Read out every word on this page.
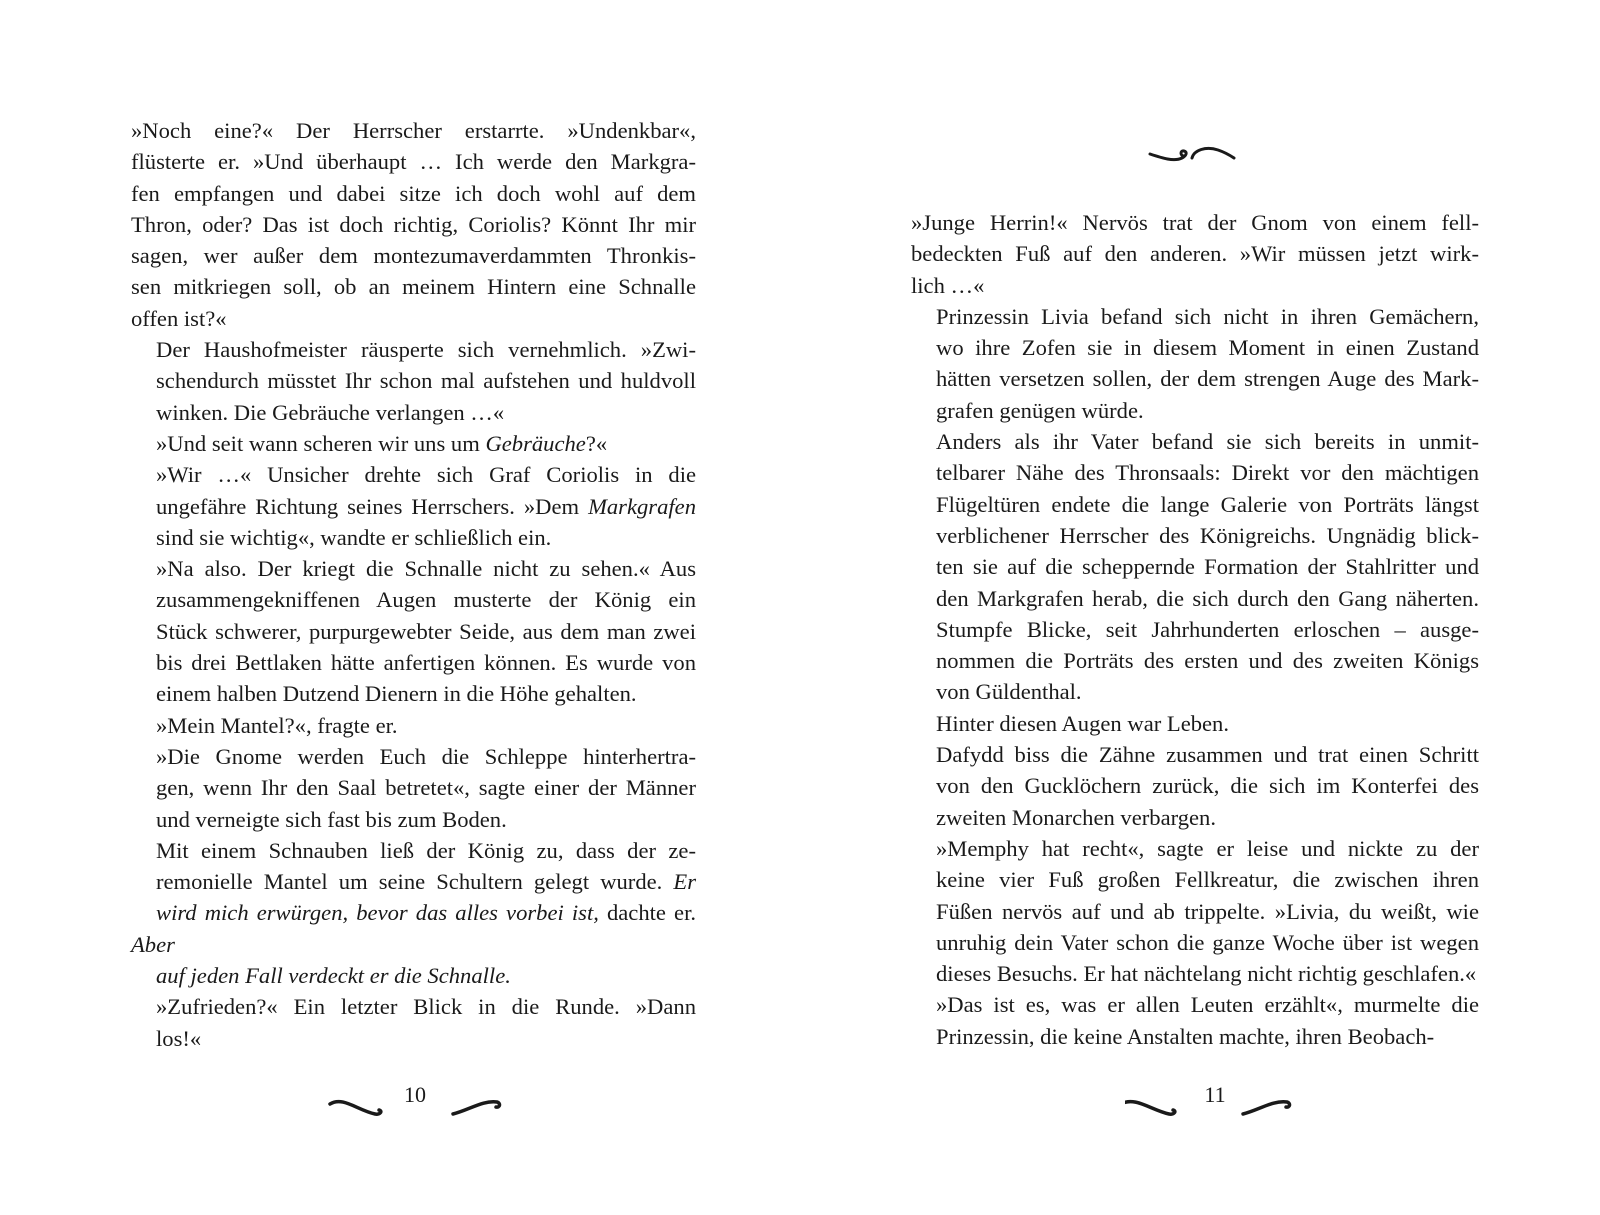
»Noch eine?« Der Herrscher erstarrte. »Undenkbar«,
flüsterte er. »Und überhaupt … Ich werde den Markgra-
fen empfangen und dabei sitze ich doch wohl auf dem
Thron, oder? Das ist doch richtig, Coriolis? Könnt Ihr mir
sagen, wer außer dem montezumaverdammten Thronkis-
sen mitkriegen soll, ob an meinem Hintern eine Schnalle
offen ist?«

Der Haushofmeister räusperte sich vernehmlich. »Zwi-
schendurch müsstet Ihr schon mal aufstehen und huldvoll
winken. Die Gebräuche verlangen …«

»Und seit wann scheren wir uns um Gebräuche?«

»Wir …« Unsicher drehte sich Graf Coriolis in die
ungefähre Richtung seines Herrschers. »Dem Markgrafen
sind sie wichtig«, wandte er schließlich ein.

»Na also. Der kriegt die Schnalle nicht zu sehen.« Aus
zusammengekniffenen Augen musterte der König ein
Stück schwerer, purpurgewebter Seide, aus dem man zwei
bis drei Bettlaken hätte anfertigen können. Es wurde von
einem halben Dutzend Dienern in die Höhe gehalten.

»Mein Mantel?«, fragte er.

»Die Gnome werden Euch die Schleppe hinterhertra-
gen, wenn Ihr den Saal betretet«, sagte einer der Männer
und verneigte sich fast bis zum Boden.

Mit einem Schnauben ließ der König zu, dass der ze-
remonielle Mantel um seine Schultern gelegt wurde. Er
wird mich erwürgen, bevor das alles vorbei ist, dachte er. Aber
auf jeden Fall verdeckt er die Schnalle.

»Zufrieden?« Ein letzter Blick in die Runde. »Dann
los!«

10

»Junge Herrin!« Nervös trat der Gnom von einem fell-
bedeckten Fuß auf den anderen. »Wir müssen jetzt wirk-
lich …«

Prinzessin Livia befand sich nicht in ihren Gemächern,
wo ihre Zofen sie in diesem Moment in einen Zustand
hätten versetzen sollen, der dem strengen Auge des Mark-
grafen genügen würde.

Anders als ihr Vater befand sie sich bereits in unmit-
telbarer Nähe des Thronsaals: Direkt vor den mächtigen
Flügeltüren endete die lange Galerie von Porträts längst
verblichener Herrscher des Königreichs. Ungnädig blick-
ten sie auf die scheppernde Formation der Stahlritter und
den Markgrafen herab, die sich durch den Gang näherten.
Stumpfe Blicke, seit Jahrhunderten erloschen – ausge-
nommen die Porträts des ersten und des zweiten Königs
von Güldenthal.

Hinter diesen Augen war Leben.

Dafydd biss die Zähne zusammen und trat einen Schritt
von den Gucklöchern zurück, die sich im Konterfei des
zweiten Monarchen verbargen.

»Memphy hat recht«, sagte er leise und nickte zu der
keine vier Fuß großen Fellkreatur, die zwischen ihren
Füßen nervös auf und ab trippelte. »Livia, du weißt, wie
unruhig dein Vater schon die ganze Woche über ist wegen
dieses Besuchs. Er hat nächtelang nicht richtig geschlafen.«

»Das ist es, was er allen Leuten erzählt«, murmelte die
Prinzessin, die keine Anstalten machte, ihren Beobach-

11
